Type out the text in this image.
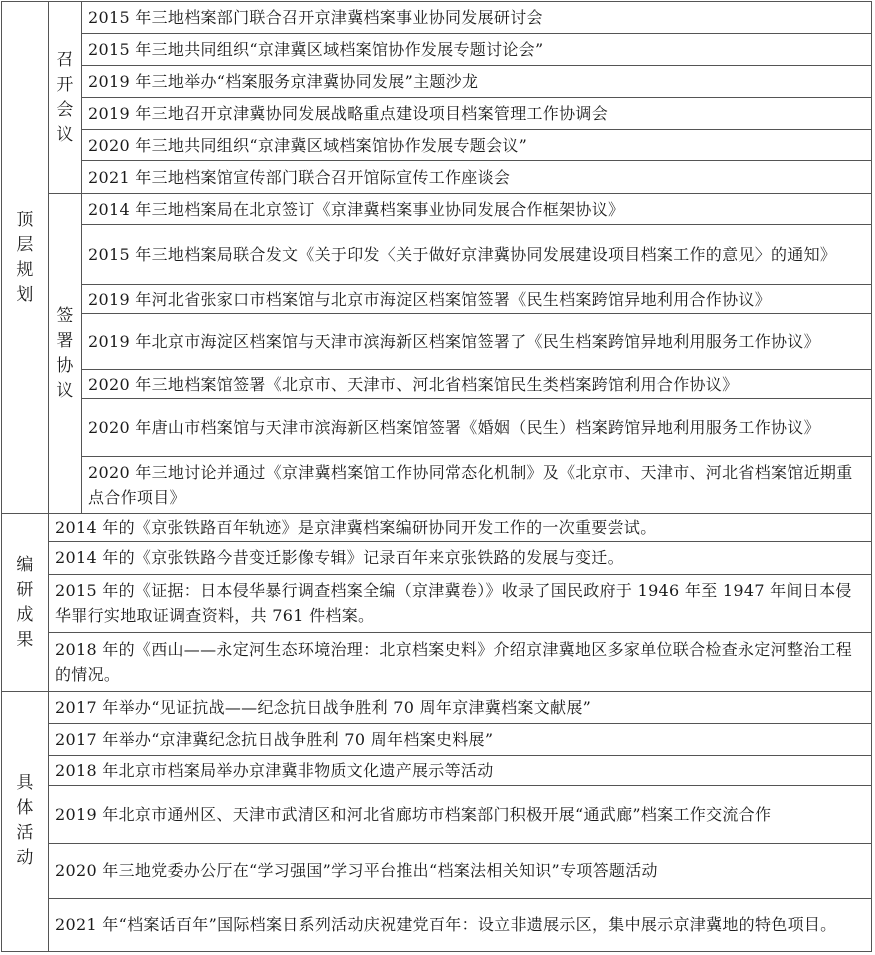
顶层规划	召开会议	2015 年三地档案部门联合召开京津冀档案事业协同发展研讨会
		2015 年三地共同组织“京津冀区域档案馆协作发展专题讨论会”
		2019 年三地举办“档案服务京津冀协同发展”主题沙龙
		2019 年三地召开京津冀协同发展战略重点建设项目档案管理工作协调会
		2020 年三地共同组织“京津冀区域档案馆协作发展专题会议”
		2021 年三地档案馆宣传部门联合召开馆际宣传工作座谈会
	签署协议	2014 年三地档案局在北京签订《京津冀档案事业协同发展合作框架协议》
		2015 年三地档案局联合发文《关于印发〈关于做好京津冀协同发展建设项目档案工作的意见〉的通知》
		2019 年河北省张家口市档案馆与北京市海淀区档案馆签署《民生档案跨馆异地利用合作协议》
		2019 年北京市海淀区档案馆与天津市滨海新区档案馆签署了《民生档案跨馆异地利用服务工作协议》
		2020 年三地档案馆签署《北京市、天津市、河北省档案馆民生类档案跨馆利用合作协议》
		2020 年唐山市档案馆与天津市滨海新区档案馆签署《婚姻（民生）档案跨馆异地利用服务工作协议》
		2020 年三地讨论并通过《京津冀档案馆工作协同常态化机制》及《北京市、天津市、河北省档案馆近期重点合作项目》
编研成果	2014 年的《京张铁路百年轨迹》是京津冀档案编研协同开发工作的一次重要尝试。	
	2014 年的《京张铁路今昔变迁影像专辑》记录百年来京张铁路的发展与变迁。	
	2015 年的《证据：日本侵华暴行调查档案全编（京津冀卷）》收录了国民政府于 1946 年至 1947 年间日本侵华罪行实地取证调查资料，共 761 件档案。	
	2018 年的《西山——永定河生态环境治理：北京档案史料》介绍京津冀地区多家单位联合检查永定河整治工程的情况。	
具体活动	2017 年举办“见证抗战——纪念抗日战争胜利 70 周年京津冀档案文献展”	
	2017 年举办“京津冀纪念抗日战争胜利 70 周年档案史料展”	
	2018 年北京市档案局举办京津冀非物质文化遗产展示等活动	
	2019 年北京市通州区、天津市武清区和河北省廊坊市档案部门积极开展“通武廊”档案工作交流合作	
	2020 年三地党委办公厅在“学习强国”学习平台推出“档案法相关知识”专项答题活动	
	2021 年“档案话百年”国际档案日系列活动庆祝建党百年：设立非遗展示区，集中展示京津冀地的特色项目。	
